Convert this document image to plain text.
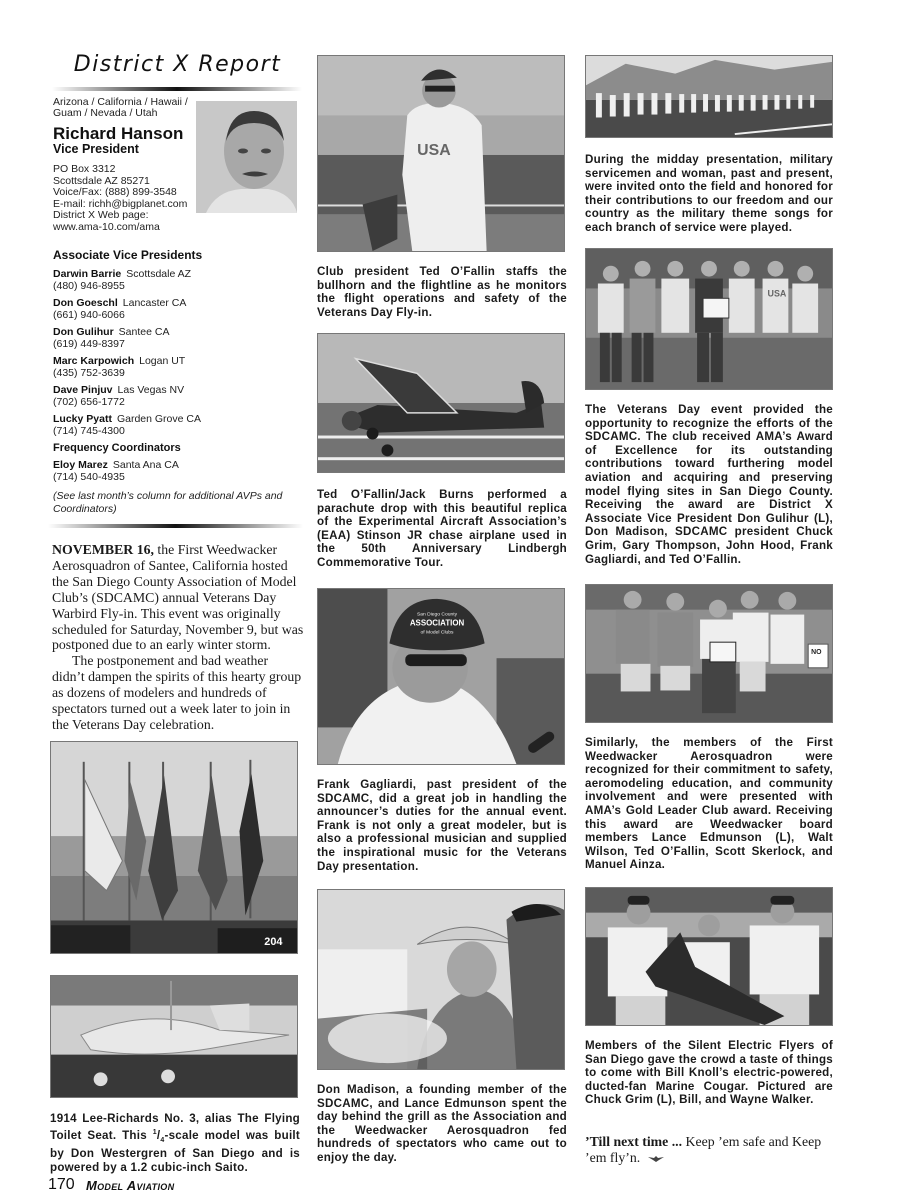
District X Report
Arizona / California / Hawaii / Guam / Nevada / Utah
Richard Hanson
Vice President
PO Box 3312
Scottsdale AZ 85271
Voice/Fax: (888) 899-3548
E-mail: richh@bigplanet.com
District X Web page:
www.ama-10.com/ama
Associate Vice Presidents
Darwin Barrie Scottsdale AZ
(480) 946-8955
Don Goeschl Lancaster CA
(661) 940-6066
Don Gulihur Santee CA
(619) 449-8397
Marc Karpowich Logan UT
(435) 752-3639
Dave Pinjuv Las Vegas NV
(702) 656-1772
Lucky Pyatt Garden Grove CA
(714) 745-4300
Frequency Coordinators
Eloy Marez Santa Ana CA
(714) 540-4935
(See last month’s column for additional AVPs and Coordinators)

NOVEMBER 16, the First Weedwacker Aerosquadron of Santee, California hosted the San Diego County Association of Model Club’s (SDCAMC) annual Veterans Day Warbird Fly-in. This event was originally scheduled for Saturday, November 9, but was postponed due to an early winter storm.

The postponement and bad weather didn’t dampen the spirits of this hearty group as dozens of modelers and hundreds of spectators turned out a week later to join in the Veterans Day celebration.

204
1914 Lee-Richards No. 3, alias The Flying Toilet Seat. This $^1/_4$-scale model was built by Don Westergren of San Diego and is powered by a 1.2 cubic-inch Saito.
USA
Club president Ted O’Fallin staffs the bullhorn and the flightline as he monitors the flight operations and safety of the Veterans Day Fly-in.
Ted O’Fallin/Jack Burns performed a parachute drop with this beautiful replica of the Experimental Aircraft Association’s (EAA) Stinson JR chase airplane used in the 50th Anniversary Lindbergh Commemorative Tour.
San Diego County
ASSOCIATION
of Model Clubs
Frank Gagliardi, past president of the SDCAMC, did a great job in handling the announcer’s duties for the annual event. Frank is not only a great modeler, but is also a professional musician and supplied the inspirational music for the Veterans Day presentation.
Don Madison, a founding member of the SDCAMC, and Lance Edmunson spent the day behind the grill as the Association and the Weedwacker Aerosquadron fed hundreds of spectators who came out to enjoy the day.
During the midday presentation, military servicemen and woman, past and present, were invited onto the field and honored for their contributions to our freedom and our country as the military theme songs for each branch of service were played.
USA
The Veterans Day event provided the opportunity to recognize the efforts of the SDCAMC. The club received AMA’s Award of Excellence for its outstanding contributions toward furthering model aviation and acquiring and preserving model flying sites in San Diego County. Receiving the award are District X Associate Vice President Don Gulihur (L), Don Madison, SDCAMC president Chuck Grim, Gary Thompson, John Hood, Frank Gagliardi, and Ted O’Fallin.
NO
Similarly, the members of the First Weedwacker Aerosquadron were recognized for their commitment to safety, aeromodeling education, and community involvement and were presented with AMA’s Gold Leader Club award. Receiving this award are Weedwacker board members Lance Edmunson (L), Walt Wilson, Ted O’Fallin, Scott Skerlock, and Manuel Ainza.
Members of the Silent Electric Flyers of San Diego gave the crowd a taste of things to come with Bill Knoll’s electric-powered, ducted-fan Marine Cougar. Pictured are Chuck Grim (L), Bill, and Wayne Walker.
’Till next time ... Keep ’em safe and Keep ’em fly’n.
170 Model Aviation
